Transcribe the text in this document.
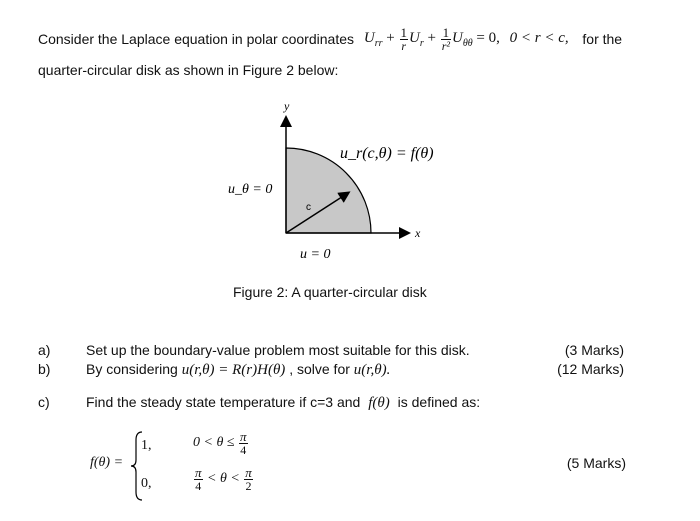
Consider the Laplace equation in polar coordinates $U_{rr} + \frac{1}{r} U_r + \frac{1}{\text{r²}} U_{\theta\theta} = 0$, 0 < r < c, for the
quarter-circular disk as shown in Figure 2 below:
y
x
c
u_r(c,θ) = f(θ)
u_θ = 0
u = 0
Figure 2: A quarter-circular disk
a)	Set up the boundary-value problem most suitable for this disk.	(3 Marks)
b)	By considering u(r,θ) = R(r)H(θ) , solve for u(r,θ).	(12 Marks)
c)	Find the steady state temperature if c=3 and f(θ) is defined as:
f(θ) =
1,	$0 < \theta \le \frac{\pi}{4}$
0,	$\frac{\pi}{4} < \theta < \frac{\pi}{2}$
(5 Marks)
